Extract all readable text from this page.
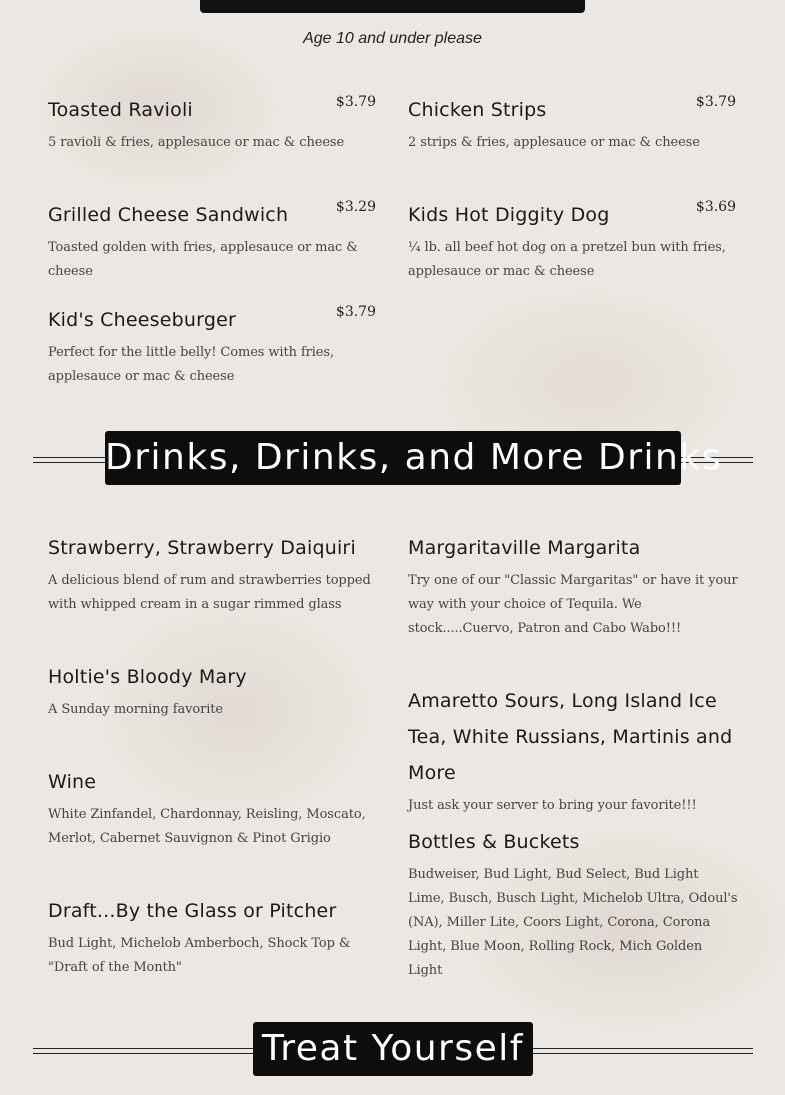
Age 10 and under please
Toasted Ravioli	$3.79
5 ravioli & fries, applesauce or mac & cheese
Chicken Strips	$3.79
2 strips & fries, applesauce or mac & cheese
Grilled Cheese Sandwich	$3.29
Toasted golden with fries, applesauce or mac & cheese
Kids Hot Diggity Dog	$3.69
¼ lb. all beef hot dog on a pretzel bun with fries, applesauce or mac & cheese
Kid's Cheeseburger	$3.79
Perfect for the little belly! Comes with fries, applesauce or mac & cheese
Drinks, Drinks, and More Drinks
Strawberry, Strawberry Daiquiri
A delicious blend of rum and strawberries topped with whipped cream in a sugar rimmed glass
Holtie's Bloody Mary
A Sunday morning favorite
Wine
White Zinfandel, Chardonnay, Reisling, Moscato, Merlot, Cabernet Sauvignon & Pinot Grigio
Draft...By the Glass or Pitcher
Bud Light, Michelob Amberboch, Shock Top & "Draft of the Month"
Margaritaville Margarita
Try one of our "Classic Margaritas" or have it your way with your choice of Tequila. We stock.....Cuervo, Patron and Cabo Wabo!!!
Amaretto Sours, Long Island Ice Tea, White Russians, Martinis and More
Just ask your server to bring your favorite!!!
Bottles & Buckets
Budweiser, Bud Light, Bud Select, Bud Light Lime, Busch, Busch Light, Michelob Ultra, Odoul's (NA), Miller Lite, Coors Light, Corona, Corona Light, Blue Moon, Rolling Rock, Mich Golden Light
Treat Yourself
